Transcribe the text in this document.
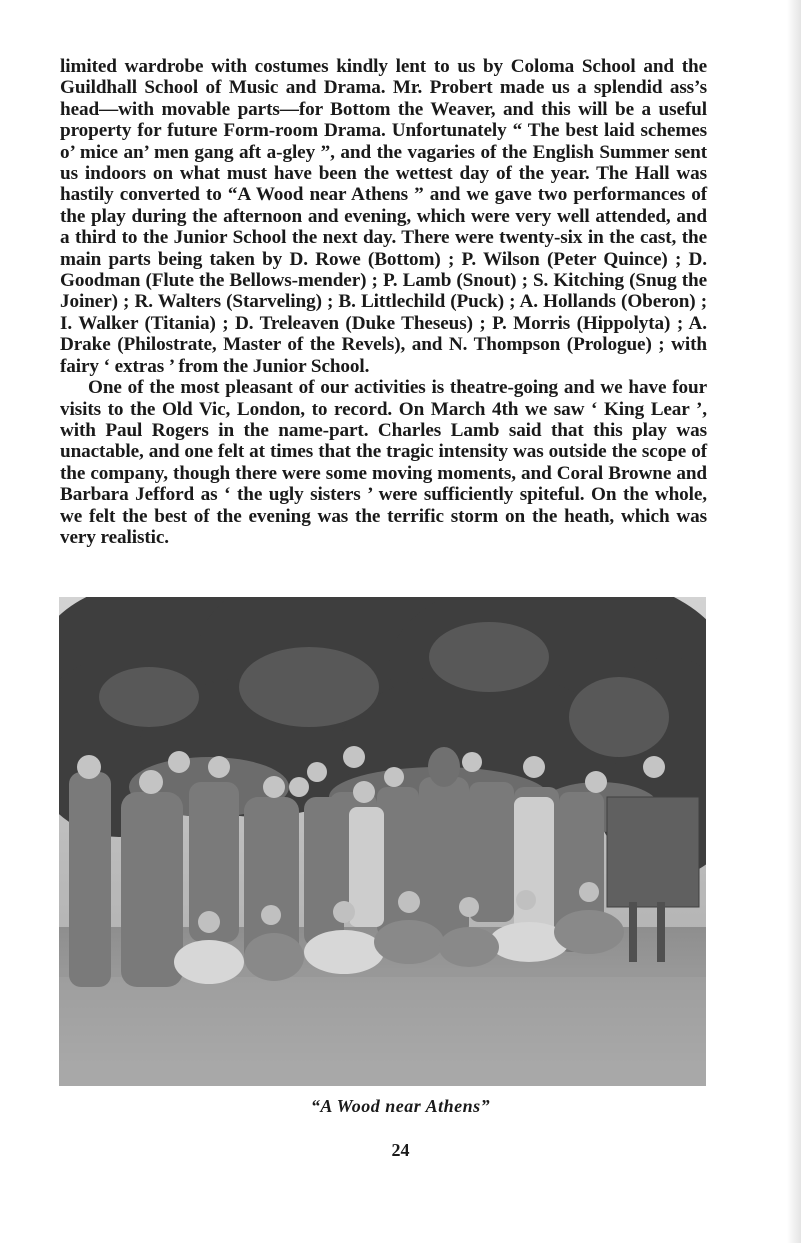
limited wardrobe with costumes kindly lent to us by Coloma School and the Guildhall School of Music and Drama. Mr. Probert made us a splendid ass’s head—with movable parts—for Bottom the Weaver, and this will be a useful property for future Form-room Drama. Unfortunately “ The best laid schemes o’ mice an’ men gang aft a-gley ”, and the vagaries of the English Summer sent us indoors on what must have been the wettest day of the year. The Hall was hastily converted to “A Wood near Athens ” and we gave two performances of the play during the afternoon and evening, which were very well attended, and a third to the Junior School the next day. There were twenty-six in the cast, the main parts being taken by D. Rowe (Bottom) ; P. Wilson (Peter Quince) ; D. Goodman (Flute the Bellows-mender) ; P. Lamb (Snout) ; S. Kitching (Snug the Joiner) ; R. Walters (Starveling) ; B. Littlechild (Puck) ; A. Hollands (Oberon) ; I. Walker (Titania) ; D. Treleaven (Duke Theseus) ; P. Morris (Hippolyta) ; A. Drake (Philostrate, Master of the Revels), and N. Thompson (Prologue) ; with fairy ‘ extras ’ from the Junior School.

One of the most pleasant of our activities is theatre-going and we have four visits to the Old Vic, London, to record. On March 4th we saw ‘ King Lear ’, with Paul Rogers in the name-part. Charles Lamb said that this play was unactable, and one felt at times that the tragic intensity was outside the scope of the company, though there were some moving moments, and Coral Browne and Barbara Jefford as ‘ the ugly sisters ’ were sufficiently spiteful. On the whole, we felt the best of the evening was the terrific storm on the heath, which was very realistic.

“A Wood near Athens”
24
